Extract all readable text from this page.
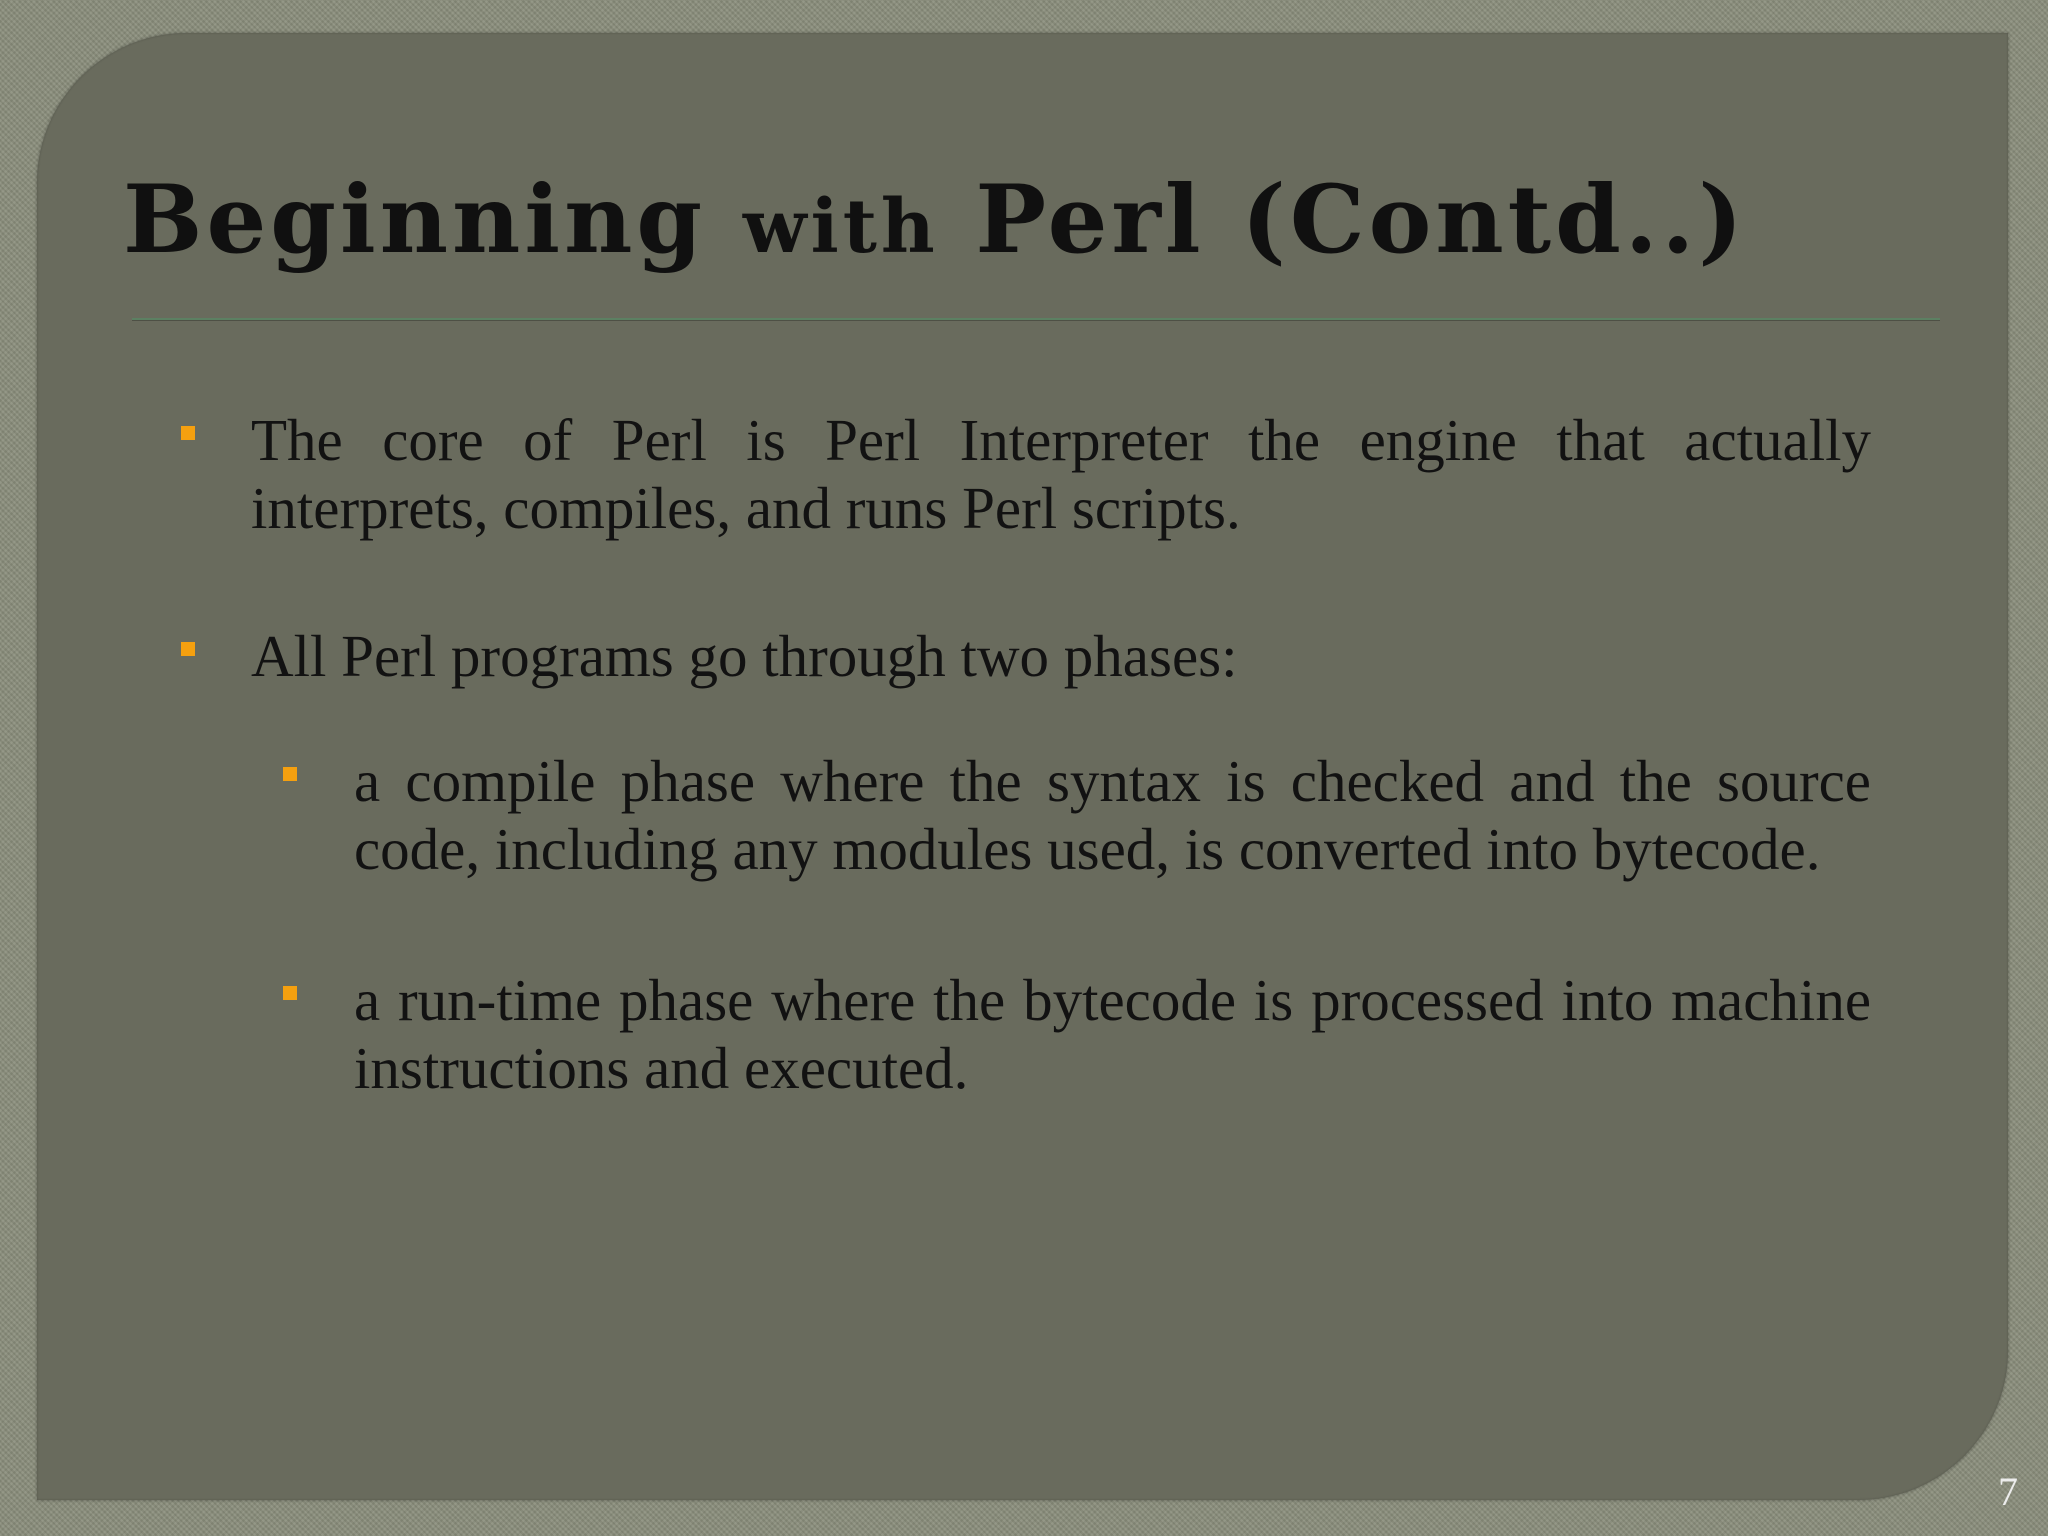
Beginning with Perl (Contd..)
The core of Perl is Perl Interpreter the engine that actually interprets, compiles, and runs Perl scripts.
All Perl programs go through two phases:
a compile phase where the syntax is checked and the source code, including any modules used, is converted into bytecode.
a run-time phase where the bytecode is processed into machine instructions and executed.
7
